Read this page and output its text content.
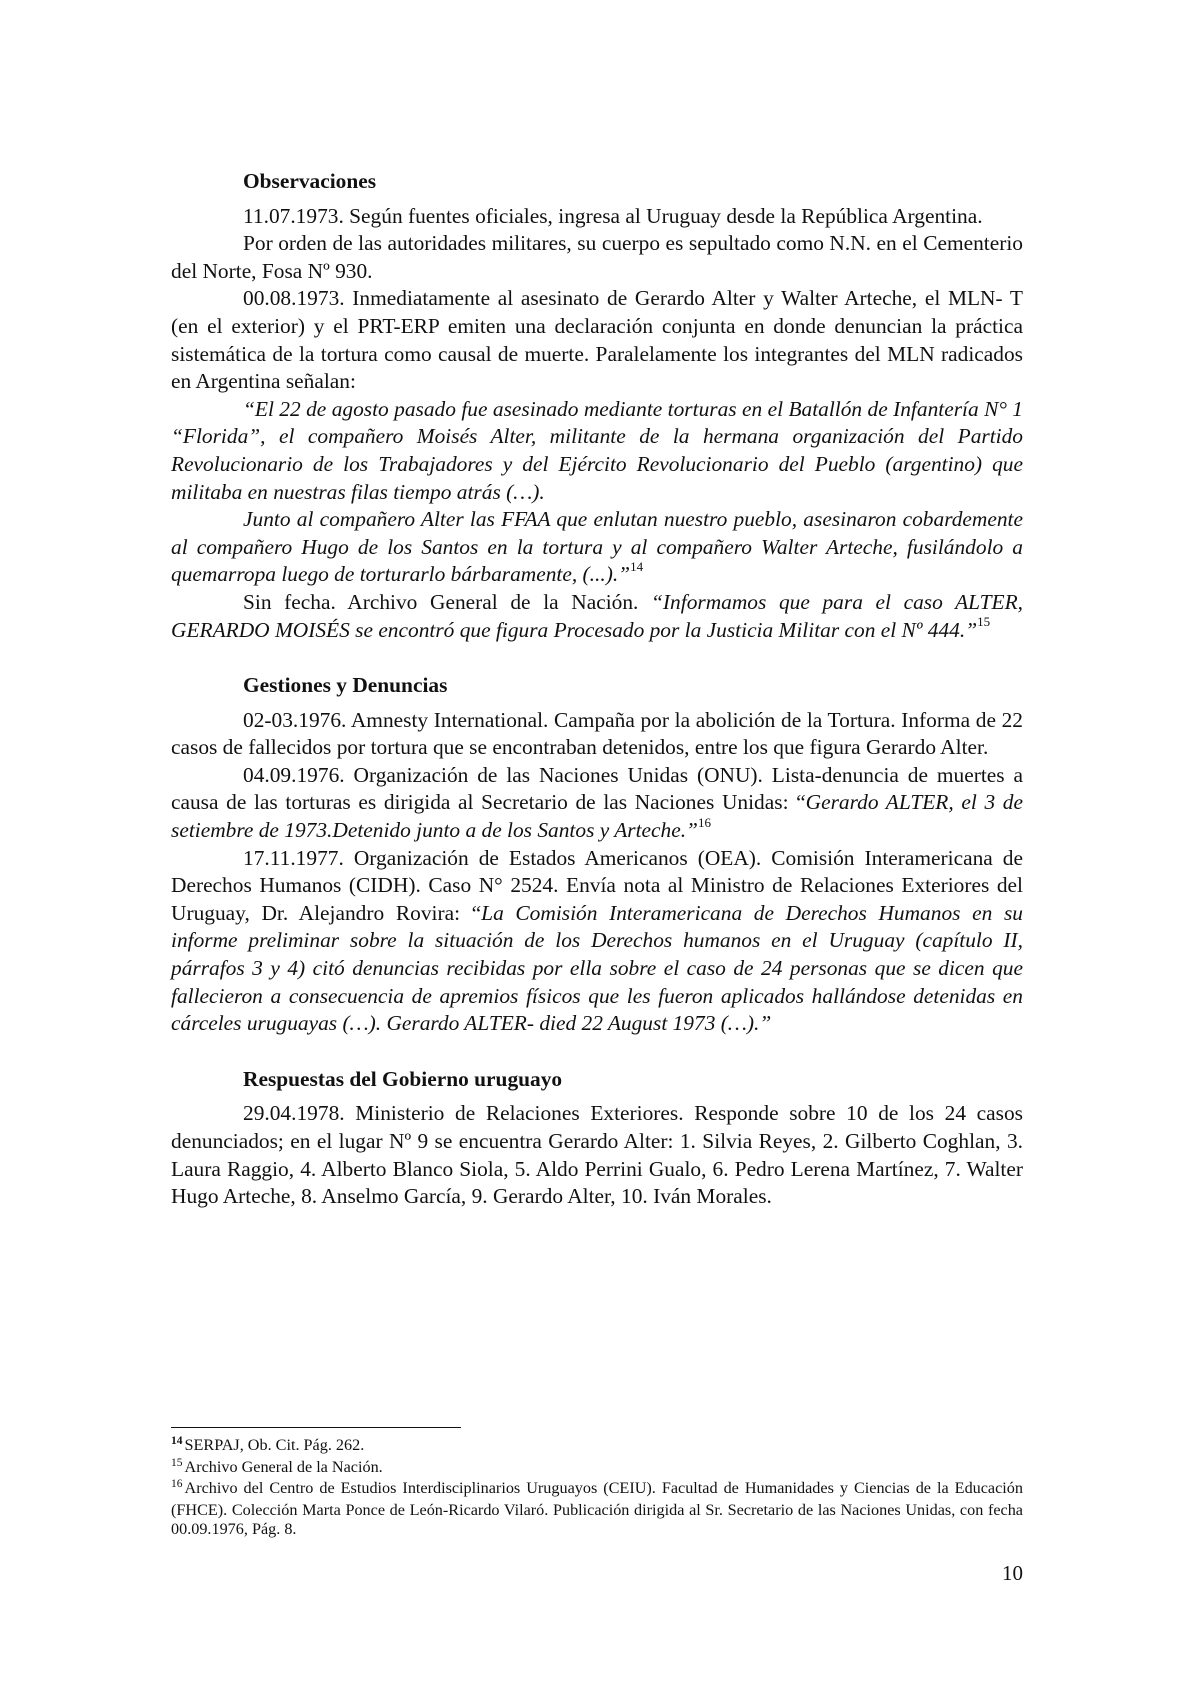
Observaciones

11.07.1973. Según fuentes oficiales, ingresa al Uruguay desde la República Argentina.

Por orden de las autoridades militares, su cuerpo es sepultado como N.N. en el Cementerio del Norte, Fosa Nº 930.

00.08.1973. Inmediatamente al asesinato de Gerardo Alter y Walter Arteche, el MLN- T (en el exterior) y el PRT-ERP emiten una declaración conjunta en donde denuncian la práctica sistemática de la tortura como causal de muerte. Paralelamente los integrantes del MLN radicados en Argentina señalan:

“El 22 de agosto pasado fue asesinado mediante torturas en el Batallón de Infantería N° 1 “Florida”, el compañero Moisés Alter, militante de la hermana organización del Partido Revolucionario de los Trabajadores y del Ejército Revolucionario del Pueblo (argentino) que militaba en nuestras filas tiempo atrás (…).

Junto al compañero Alter las FFAA que enlutan nuestro pueblo, asesinaron cobardemente al compañero Hugo de los Santos en la tortura y al compañero Walter Arteche, fusilándolo a quemarropa luego de torturarlo bárbaramente, (...).”$^{14}$

Sin fecha. Archivo General de la Nación. “Informamos que para el caso ALTER, GERARDO MOISÉS se encontró que figura Procesado por la Justicia Militar con el Nº 444.”$^{15}$

Gestiones y Denuncias

02-03.1976. Amnesty International. Campaña por la abolición de la Tortura. Informa de 22 casos de fallecidos por tortura que se encontraban detenidos, entre los que figura Gerardo Alter.

04.09.1976. Organización de las Naciones Unidas (ONU). Lista-denuncia de muertes a causa de las torturas es dirigida al Secretario de las Naciones Unidas: “Gerardo ALTER, el 3 de setiembre de 1973.Detenido junto a de los Santos y Arteche.”$^{16}$

17.11.1977. Organización de Estados Americanos (OEA). Comisión Interamericana de Derechos Humanos (CIDH). Caso N° 2524. Envía nota al Ministro de Relaciones Exteriores del Uruguay, Dr. Alejandro Rovira: “La Comisión Interamericana de Derechos Humanos en su informe preliminar sobre la situación de los Derechos humanos en el Uruguay (capítulo II, párrafos 3 y 4) citó denuncias recibidas por ella sobre el caso de 24 personas que se dicen que fallecieron a consecuencia de apremios físicos que les fueron aplicados hallándose detenidas en cárceles uruguayas (…). Gerardo ALTER- died 22 August 1973 (…).”

Respuestas del Gobierno uruguayo

29.04.1978. Ministerio de Relaciones Exteriores. Responde sobre 10 de los 24 casos denunciados; en el lugar Nº 9 se encuentra Gerardo Alter: 1. Silvia Reyes, 2. Gilberto Coghlan, 3. Laura Raggio, 4. Alberto Blanco Siola, 5. Aldo Perrini Gualo, 6. Pedro Lerena Martínez, 7. Walter Hugo Arteche, 8. Anselmo García, 9. Gerardo Alter, 10. Iván Morales.

$^{14}$ SERPAJ, Ob. Cit. Pág. 262.
$^{15}$ Archivo General de la Nación.
$^{16}$ Archivo del Centro de Estudios Interdisciplinarios Uruguayos (CEIU). Facultad de Humanidades y Ciencias de la Educación (FHCE). Colección Marta Ponce de León-Ricardo Vilaró. Publicación dirigida al Sr. Secretario de las Naciones Unidas, con fecha 00.09.1976, Pág. 8.
10
